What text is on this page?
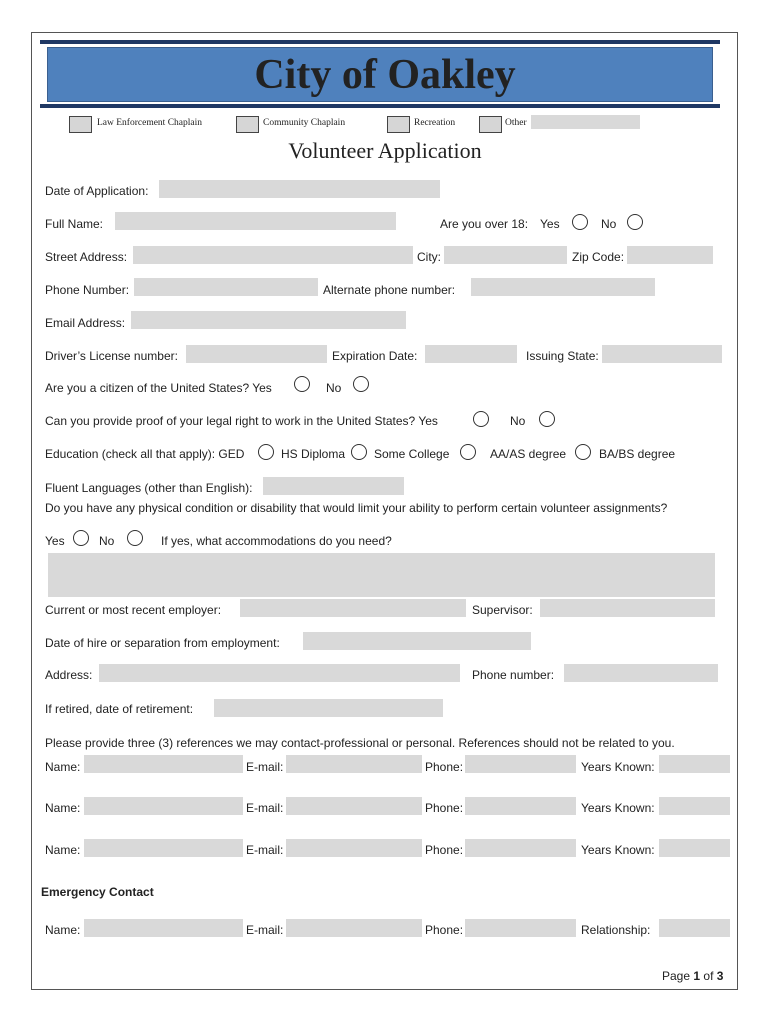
City of Oakley
Law Enforcement Chaplain	Community Chaplain	Recreation	Other
Volunteer Application
Date of Application:
Full Name:	Are you over 18: Yes	No
Street Address:	City:	Zip Code:
Phone Number:	Alternate phone number:
Email Address:
Driver’s License number:	Expiration Date:	Issuing State:
Are you a citizen of the United States? Yes	No
Can you provide proof of your legal right to work in the United States? Yes	No
Education (check all that apply): GED	HS Diploma Some College	AA/AS degree	BA/BS degree
Fluent Languages (other than English):
Do you have any physical condition or disability that would limit your ability to perform certain volunteer assignments?
Yes	No	If yes, what accommodations do you need?
Current or most recent employer:	Supervisor:
Date of hire or separation from employment:
Address:	Phone number:
If retired, date of retirement:
Please provide three (3) references we may contact-professional or personal. References should not be related to you.
Name:	E-mail:	Phone:	Years Known:
Name:	E-mail:	Phone:	Years Known:
Name:	E-mail:	Phone:	Years Known:
Emergency Contact
Name:	E-mail:	Phone:	Relationship:
Page 1 of 3
